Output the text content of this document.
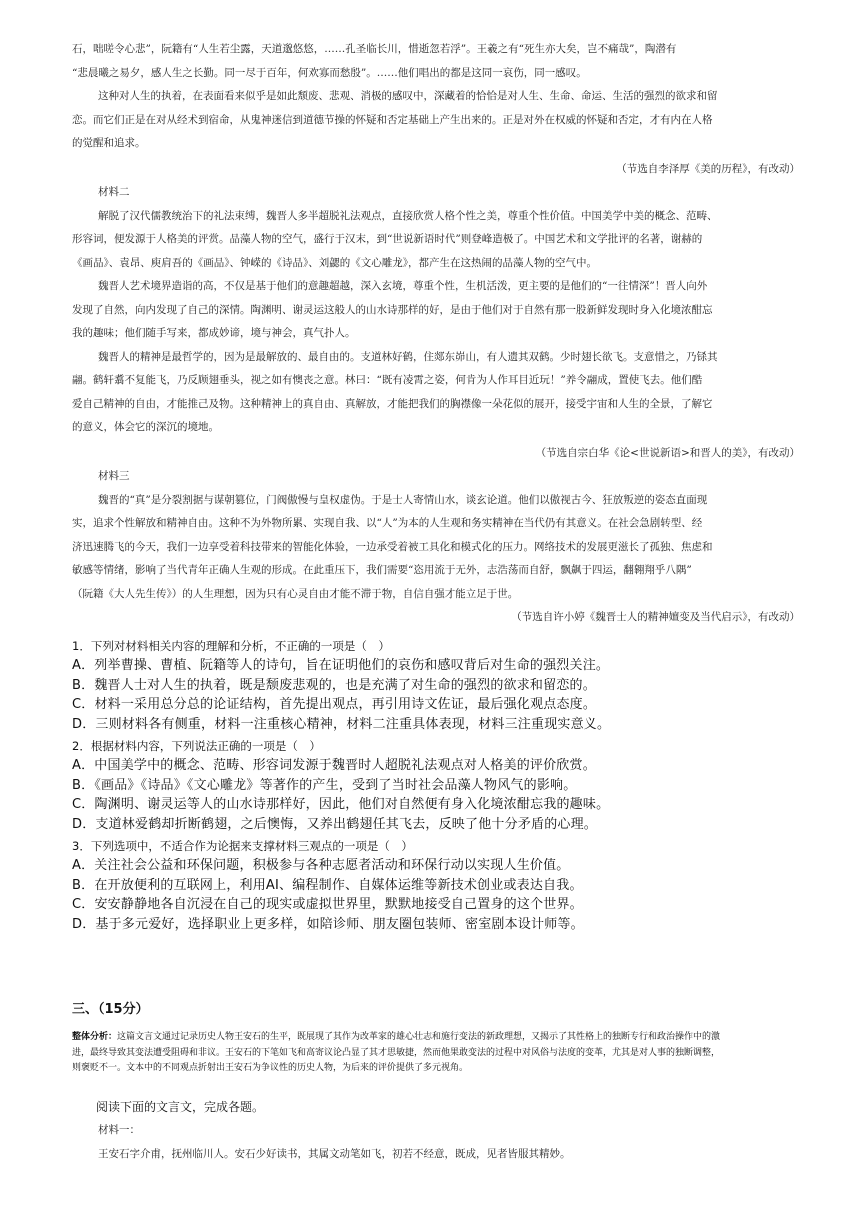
石，咄嗟令心悲”，阮籍有“人生若尘露，天道邈悠悠，……孔圣临长川，惜逝忽若浮”。王羲之有“死生亦大矣，岂不痛哉”，陶潜有

“悲晨曦之易夕，感人生之长勤。同一尽于百年，何欢寡而愁殷”。……他们唱出的都是这同一哀伤，同一感叹。

这种对人生的执着，在表面看来似乎是如此颓废、悲观、消极的感叹中，深藏着的恰恰是对人生、生命、命运、生活的强烈的欲求和留

恋。而它们正是在对从经术到宿命，从鬼神迷信到道德节操的怀疑和否定基础上产生出来的。正是对外在权威的怀疑和否定，才有内在人格

的觉醒和追求。

（节选自李泽厚《美的历程》，有改动）

材料二

解脱了汉代儒教统治下的礼法束缚，魏晋人多半超脱礼法观点，直接欣赏人格个性之美，尊重个性价值。中国美学中美的概念、范畴、

形容词，便发源于人格美的评赏。品藻人物的空气，盛行于汉末，到“世说新语时代”则登峰造极了。中国艺术和文学批评的名著，谢赫的

《画品》、袁昂、庾肩吾的《画品》、钟嵘的《诗品》、刘勰的《文心雕龙》，都产生在这热闹的品藻人物的空气中。

魏晋人艺术境界造诣的高，不仅是基于他们的意趣超越，深入玄境，尊重个性，生机活泼，更主要的是他们的“一往情深”！晋人向外

发现了自然，向内发现了自己的深情。陶渊明、谢灵运这般人的山水诗那样的好，是由于他们对于自然有那一股新鲜发现时身入化境浓酣忘

我的趣味；他们随手写来，都成妙谛，境与神会，真气扑人。

魏晋人的精神是最哲学的，因为是最解放的、最自由的。支道林好鹤，住郯东峁山，有人遗其双鹤。少时翅长欲飞。支意惜之，乃铩其

翮。鹤轩翥不复能飞，乃反顾翅垂头，视之如有懊丧之意。林曰：“既有凌霄之姿，何肯为人作耳目近玩！”养令翮成，置使飞去。他们酷

爱自己精神的自由，才能推己及物。这种精神上的真自由、真解放，才能把我们的胸襟像一朵花似的展开，接受宇宙和人生的全景，了解它

的意义，体会它的深沉的境地。

（节选自宗白华《论<世说新语>和晋人的美》，有改动）

材料三

魏晋的“真”是分裂割据与谋朝篡位，门阀傲慢与皇权虚伪。于是士人寄情山水，谈玄论道。他们以傲视古今、狂放叛逆的姿态直面现

实，追求个性解放和精神自由。这种不为外物所累、实现自我、以“人”为本的人生观和务实精神在当代仍有其意义。在社会急剧转型、经

济迅速腾飞的今天，我们一边享受着科技带来的智能化体验，一边承受着被工具化和模式化的压力。网络技术的发展更滋长了孤独、焦虑和

敏感等情绪，影响了当代青年正确人生观的形成。在此重压下，我们需要“恣用流于无外，志浩荡而自舒，飘飙于四运，翻翱翔乎八隅”

（阮籍《大人先生传》）的人生理想，因为只有心灵自由才能不滞于物，自信自强才能立足于世。

（节选自许小婷《魏晋士人的精神嬗变及当代启示》，有改动）

1．下列对材料相关内容的理解和分析，不正确的一项是（　）

A．列举曹操、曹植、阮籍等人的诗句，旨在证明他们的哀伤和感叹背后对生命的强烈关注。

B．魏晋人士对人生的执着，既是颓废悲观的，也是充满了对生命的强烈的欲求和留恋的。

C．材料一采用总分总的论证结构，首先提出观点，再引用诗文佐证，最后强化观点态度。

D．三则材料各有侧重，材料一注重核心精神，材料二注重具体表现，材料三注重现实意义。

2．根据材料内容，下列说法正确的一项是（　）

A．中国美学中的概念、范畴、形容词发源于魏晋时人超脱礼法观点对人格美的评价欣赏。

B．《画品》《诗品》《文心雕龙》等著作的产生，受到了当时社会品藻人物风气的影响。

C．陶渊明、谢灵运等人的山水诗那样好，因此，他们对自然便有身入化境浓酣忘我的趣味。

D．支道林爱鹤却折断鹤翅，之后懊悔，又养出鹤翅任其飞去，反映了他十分矛盾的心理。

3．下列选项中，不适合作为论据来支撑材料三观点的一项是（　）

A．关注社会公益和环保问题，积极参与各种志愿者活动和环保行动以实现人生价值。

B．在开放便利的互联网上，利用AI、编程制作、自媒体运维等新技术创业或表达自我。

C．安安静静地各自沉浸在自己的现实或虚拟世界里，默默地接受自己置身的这个世界。

D．基于多元爱好，选择职业上更多样，如陪诊师、朋友圈包装师、密室剧本设计师等。

三、（15分）

整体分析：这篇文言文通过记录历史人物王安石的生平，既展现了其作为改革家的雄心壮志和施行变法的新政理想，又揭示了其性格上的独断专行和政治操作中的激

进，最终导致其变法遭受阻碍和非议。王安石的下笔如飞和高寄议论凸显了其才思敏捷，然而他果敢变法的过程中对风俗与法度的变革，尤其是对人事的独断调整，

则褒贬不一。文本中的不同观点折射出王安石为争议性的历史人物，为后来的评价提供了多元视角。

阅读下面的文言文，完成各题。

材料一：

王安石字介甫，抚州临川人。安石少好读书，其属文动笔如飞，初若不经意，既成，见者皆服其精妙。
